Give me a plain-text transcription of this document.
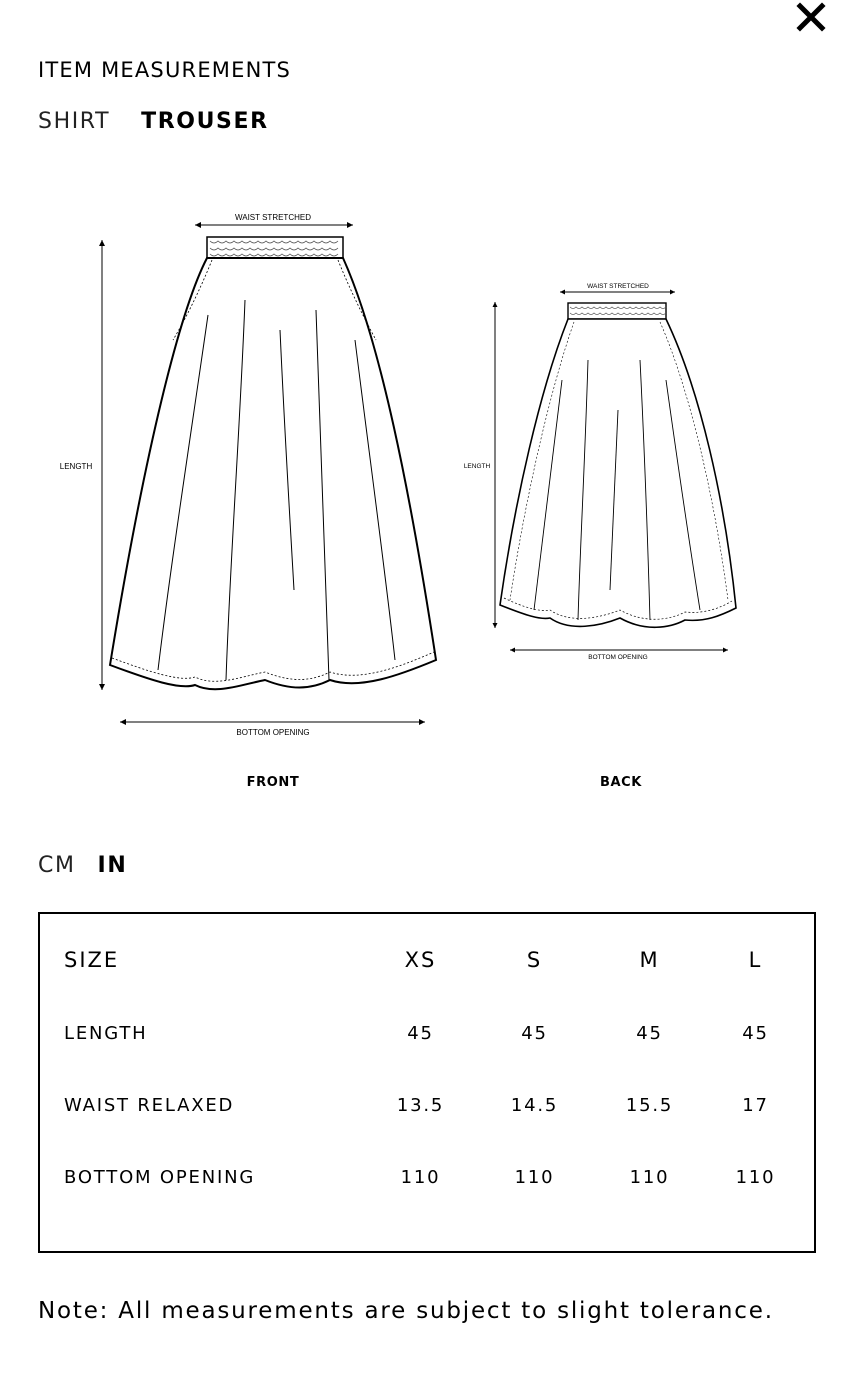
ITEM MEASUREMENTS
SHIRT TROUSER
WAIST STRETCHED
LENGTH
BOTTOM OPENING
WAIST STRETCHED
LENGTH
BOTTOM OPENING
FRONT	BACK
CM IN
SIZE	XS	S	M	L
LENGTH	45	45	45	45
WAIST RELAXED	13.5	14.5	15.5	17
BOTTOM OPENING	110	110	110	110
Note: All measurements are subject to slight tolerance.
